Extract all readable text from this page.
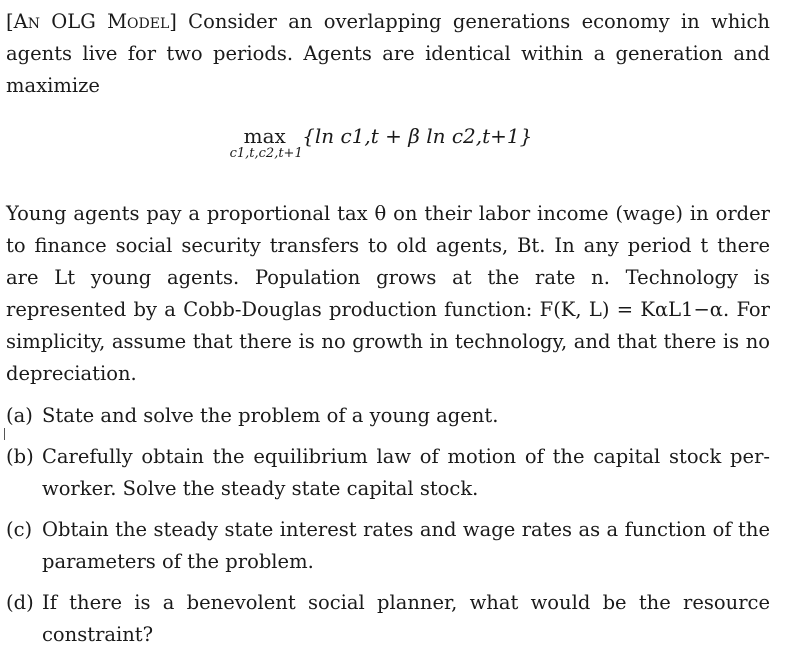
[An OLG Model] Consider an overlapping generations economy in which agents live for two periods. Agents are identical within a generation and maximize

max
c1,t,c2,t+1
{ln c1,t + β ln c2,t+1}

Young agents pay a proportional tax θ on their labor income (wage) in order to finance social security transfers to old agents, Bt. In any period t there are Lt young agents. Population grows at the rate n. Technology is represented by a Cobb-Douglas production function: F(K, L) = KαL1−α. For simplicity, assume that there is no growth in technology, and that there is no depreciation.

(a) State and solve the problem of a young agent.
(b) Carefully obtain the equilibrium law of motion of the capital stock per-worker. Solve the steady state capital stock.
(c) Obtain the steady state interest rates and wage rates as a function of the parameters of the problem.
(d) If there is a benevolent social planner, what would be the resource constraint?
